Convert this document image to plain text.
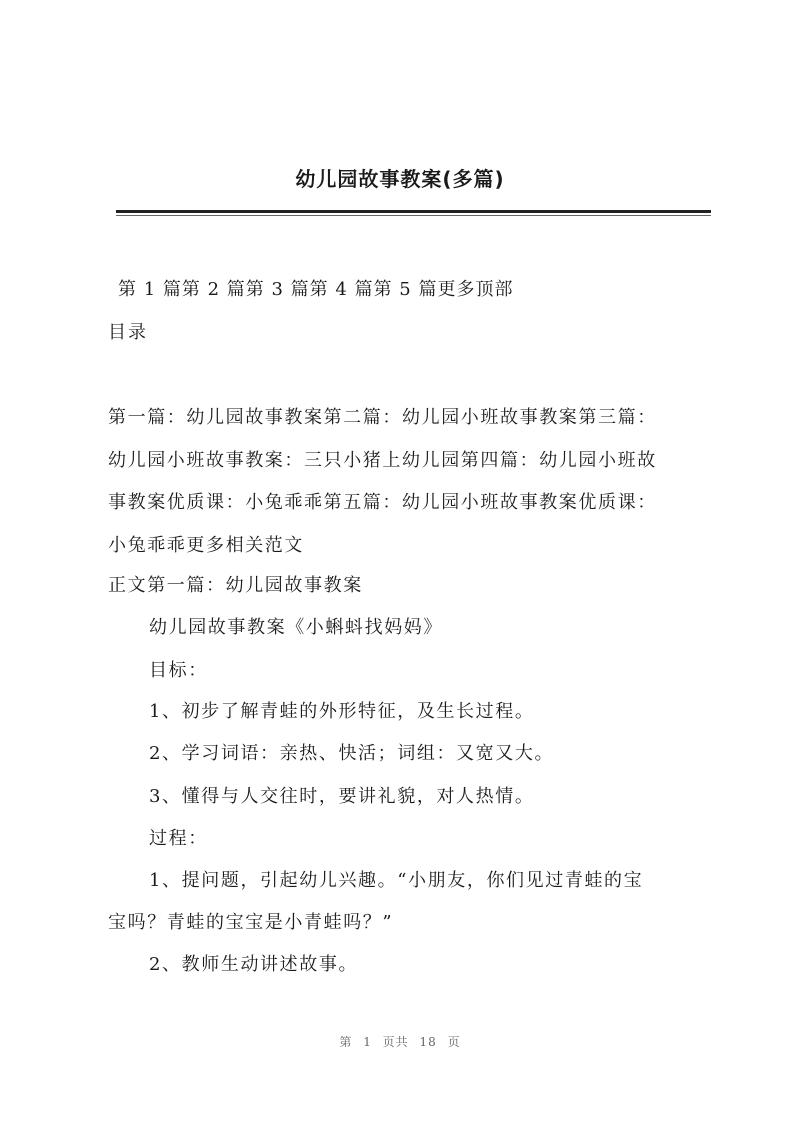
幼儿园故事教案(多篇)
第 1 篇第 2 篇第 3 篇第 4 篇第 5 篇更多顶部
目录

第一篇：幼儿园故事教案第二篇：幼儿园小班故事教案第三篇：

幼儿园小班故事教案：三只小猪上幼儿园第四篇：幼儿园小班故

事教案优质课：小兔乖乖第五篇：幼儿园小班故事教案优质课：

小兔乖乖更多相关范文

正文第一篇：幼儿园故事教案
幼儿园故事教案《小蝌蚪找妈妈》
目标：
1、初步了解青蛙的外形特征，及生长过程。
2、学习词语：亲热、快活；词组：又宽又大。
3、懂得与人交往时，要讲礼貌，对人热情。
过程：
1、提问题，引起幼儿兴趣。“小朋友，你们见过青蛙的宝
宝吗？青蛙的宝宝是小青蛙吗？”
2、教师生动讲述故事。
第 1 页共 18 页
